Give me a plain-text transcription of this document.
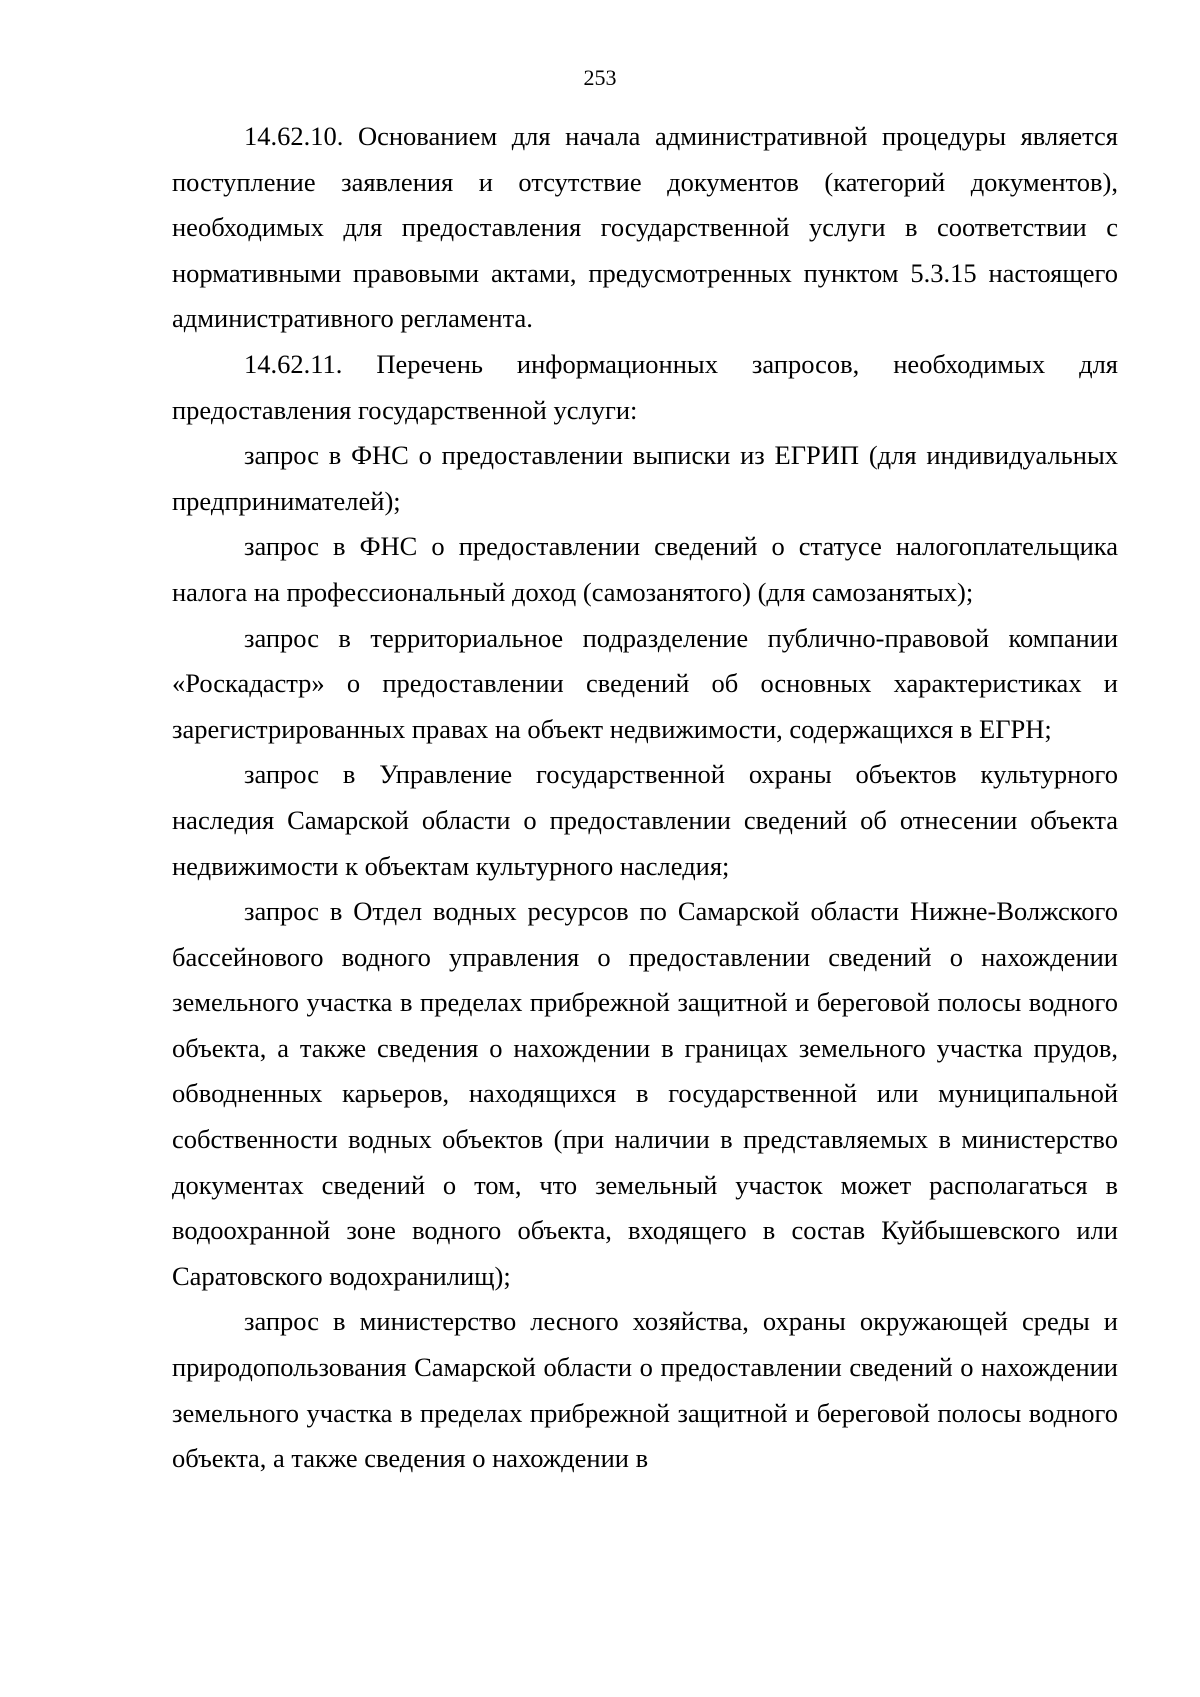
253

14.62.10. Основанием для начала административной процедуры является поступление заявления и отсутствие документов (категорий документов), необходимых для предоставления государственной услуги в соответствии с нормативными правовыми актами, предусмотренных пунктом 5.3.15 настоящего административного регламента.

14.62.11. Перечень информационных запросов, необходимых для предоставления государственной услуги:

запрос в ФНС о предоставлении выписки из ЕГРИП (для индивидуальных предпринимателей);

запрос в ФНС о предоставлении сведений о статусе налогоплательщика налога на профессиональный доход (самозанятого) (для самозанятых);

запрос в территориальное подразделение публично-правовой компании «Роскадастр» о предоставлении сведений об основных характеристиках и зарегистрированных правах на объект недвижимости, содержащихся в ЕГРН;

запрос в Управление государственной охраны объектов культурного наследия Самарской области о предоставлении сведений об отнесении объекта недвижимости к объектам культурного наследия;

запрос в Отдел водных ресурсов по Самарской области Нижне-Волжского бассейнового водного управления о предоставлении сведений о нахождении земельного участка в пределах прибрежной защитной и береговой полосы водного объекта, а также сведения о нахождении в границах земельного участка прудов, обводненных карьеров, находящихся в государственной или муниципальной собственности водных объектов (при наличии в представляемых в министерство документах сведений о том, что земельный участок может располагаться в водоохранной зоне водного объекта, входящего в состав Куйбышевского или Саратовского водохранилищ);

запрос в министерство лесного хозяйства, охраны окружающей среды и природопользования Самарской области о предоставлении сведений о нахождении земельного участка в пределах прибрежной защитной и береговой полосы водного объекта, а также сведения о нахождении в
